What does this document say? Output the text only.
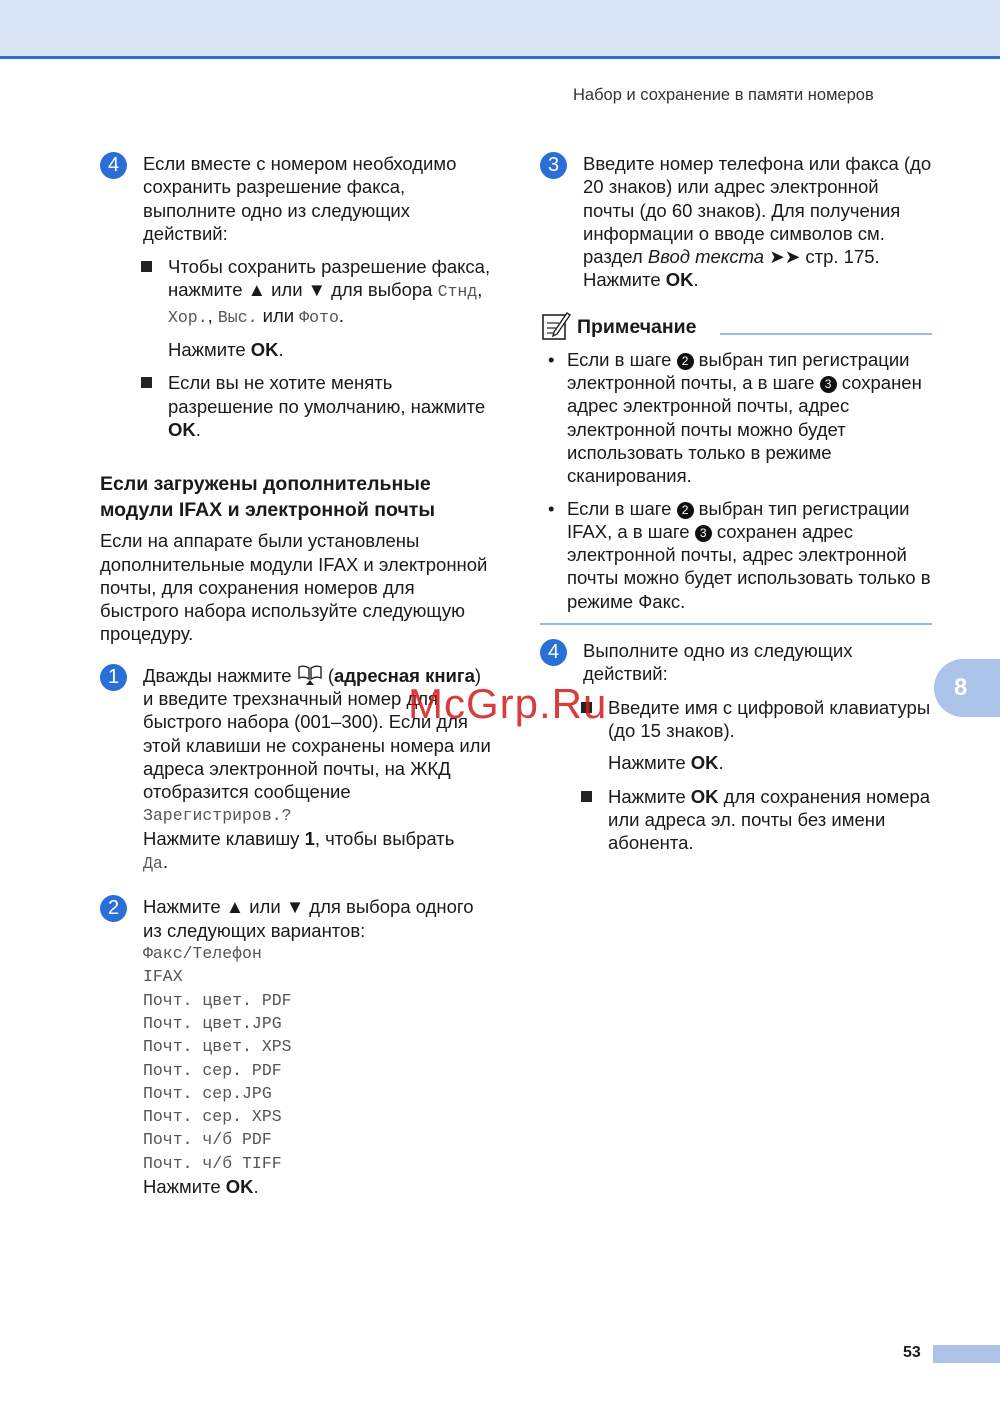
Набор и сохранение в памяти номеров
4	Если вместе с номером необходимо сохранить разрешение факса, выполните одно из следующих действий:

Чтобы сохранить разрешение факса, нажмите ▲ или ▼ для выбора Стнд, Хор., Выс. или Фото.
Нажмите OK.
Если вы не хотите менять разрешение по умолчанию, нажмите OK.
Если загружены дополнительные модули IFAX и электронной почты

Если на аппарате были установлены дополнительные модули IFAX и электронной почты, для сохранения номеров для быстрого набора используйте следующую процедуру.

1	Дважды нажмите  (адресная книга) и введите трехзначный номер для быстрого набора (001–300). Если для этой клавиши не сохранены номера или адреса электронной почты, на ЖКД отобразится сообщение
Зарегистриров.?
Нажмите клавишу 1, чтобы выбрать
Да.
2	Нажмите ▲ или ▼ для выбора одного из следующих вариантов:

Факс/Телефон
IFAX
Почт. цвет. PDF
Почт. цвет.JPG
Почт. цвет. XPS
Почт. сер. PDF
Почт. сер.JPG
Почт. сер. XPS
Почт. ч/б PDF
Почт. ч/б TIFF
Нажмите OK.
3	Введите номер телефона или факса (до 20 знаков) или адрес электронной почты (до 60 знаков). Для получения информации о вводе символов см. раздел Ввод текста ➤➤ стр. 175.
Нажмите OK.
Примечание
• Если в шаге 2 выбран тип регистрации электронной почты, а в шаге 3 сохранен адрес электронной почты, адрес электронной почты можно будет использовать только в режиме сканирования.
• Если в шаге 2 выбран тип регистрации IFAX, а в шаге 3 сохранен адрес электронной почты, адрес электронной почты можно будет использовать только в режиме Факс.
4	Выполните одно из следующих действий:

Введите имя с цифровой клавиатуры (до 15 знаков).
Нажмите OK.
Нажмите OK для сохранения номера или адреса эл. почты без имени абонента.
8
McGrp.Ru
53
